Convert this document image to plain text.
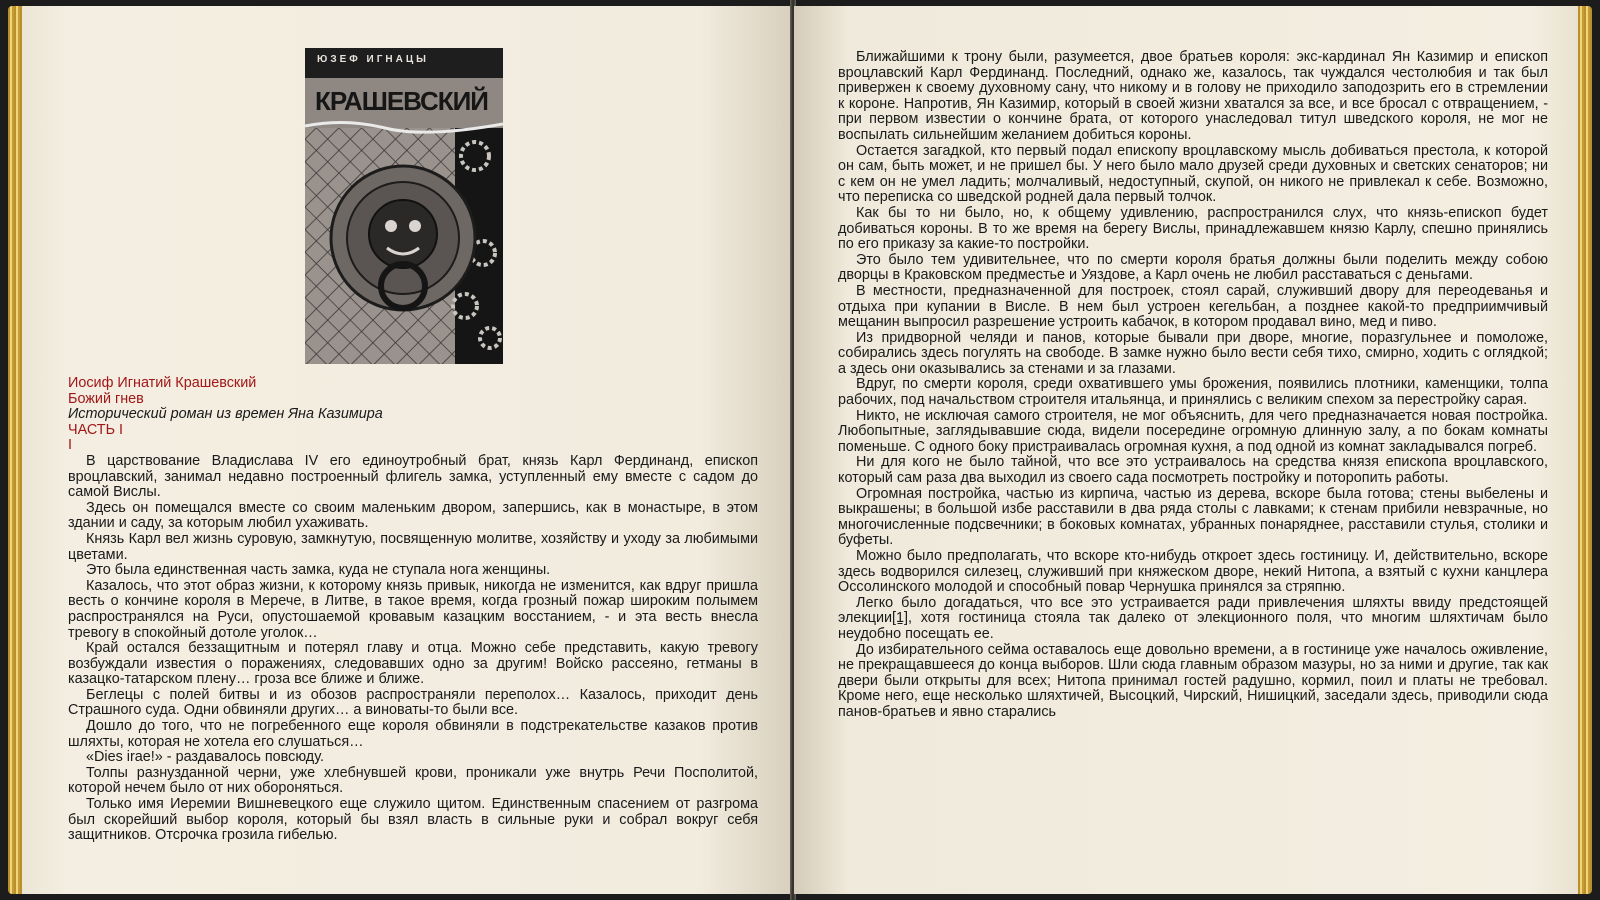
ЮЗЕФ ИГНАЦЫ
КРАШЕВСКИЙ
Иосиф Игнатий Крашевский
Божий гнев
Исторический роман из времен Яна Казимира
ЧАСТЬ I
I

В царствование Владислава IV его единоутробный брат, князь Карл Фердинанд, епископ вроцлавский, занимал недавно построенный флигель замка, уступленный ему вместе с садом до самой Вислы.

Здесь он помещался вместе со своим маленьким двором, запершись, как в монастыре, в этом здании и саду, за которым любил ухаживать.

Князь Карл вел жизнь суровую, замкнутую, посвященную молитве, хозяйству и уходу за любимыми цветами.

Это была единственная часть замка, куда не ступала нога женщины.

Казалось, что этот образ жизни, к которому князь привык, никогда не изменится, как вдруг пришла весть о кончине короля в Мерече, в Литве, в такое время, когда грозный пожар широким полымем распространялся на Руси, опустошаемой кровавым казацким восстанием, - и эта весть внесла тревогу в спокойный дотоле уголок…

Край остался беззащитным и потерял главу и отца. Можно себе представить, какую тревогу возбуждали известия о поражениях, следовавших одно за другим! Войско рассеяно, гетманы в казацко-татарском плену… гроза все ближе и ближе.

Беглецы с полей битвы и из обозов распространяли переполох… Казалось, приходит день Страшного суда. Одни обвиняли других… а виноваты-то были все.

Дошло до того, что не погребенного еще короля обвиняли в подстрекательстве казаков против шляхты, которая не хотела его слушаться…

«Dies irae!» - раздавалось повсюду.

Толпы разнузданной черни, уже хлебнувшей крови, проникали уже внутрь Речи Посполитой, которой нечем было от них обороняться.

Только имя Иеремии Вишневецкого еще служило щитом. Единственным спасением от разгрома был скорейший выбор короля, который бы взял власть в сильные руки и собрал вокруг себя защитников. Отсрочка грозила гибелью.

Ближайшими к трону были, разумеется, двое братьев короля: экс-кардинал Ян Казимир и епископ вроцлавский Карл Фердинанд. Последний, однако же, казалось, так чуждался честолюбия и так был привержен к своему духовному сану, что никому и в голову не приходило заподозрить его в стремлении к короне. Напротив, Ян Казимир, который в своей жизни хватался за все, и все бросал с отвращением, - при первом известии о кончине брата, от которого унаследовал титул шведского короля, не мог не воспылать сильнейшим желанием добиться короны.

Остается загадкой, кто первый подал епископу вроцлавскому мысль добиваться престола, к которой он сам, быть может, и не пришел бы. У него было мало друзей среди духовных и светских сенаторов; ни с кем он не умел ладить; молчаливый, недоступный, скупой, он никого не привлекал к себе. Возможно, что переписка со шведской родней дала первый толчок.

Как бы то ни было, но, к общему удивлению, распространился слух, что князь-епископ будет добиваться короны. В то же время на берегу Вислы, принадлежавшем князю Карлу, спешно принялись по его приказу за какие-то постройки.

Это было тем удивительнее, что по смерти короля братья должны были поделить между собою дворцы в Краковском предместье и Уяздове, а Карл очень не любил расставаться с деньгами.

В местности, предназначенной для построек, стоял сарай, служивший двору для переодеванья и отдыха при купании в Висле. В нем был устроен кегельбан, а позднее какой-то предприимчивый мещанин выпросил разрешение устроить кабачок, в котором продавал вино, мед и пиво.

Из придворной челяди и панов, которые бывали при дворе, многие, поразгульнее и помоложе, собирались здесь погулять на свободе. В замке нужно было вести себя тихо, смирно, ходить с оглядкой; а здесь они оказывались за стенами и за глазами.

Вдруг, по смерти короля, среди охватившего умы брожения, появились плотники, каменщики, толпа рабочих, под начальством строителя итальянца, и принялись с великим спехом за перестройку сарая.

Никто, не исключая самого строителя, не мог объяснить, для чего предназначается новая постройка. Любопытные, заглядывавшие сюда, видели посередине огромную длинную залу, а по бокам комнаты поменьше. С одного боку пристраивалась огромная кухня, а под одной из комнат закладывался погреб.

Ни для кого не было тайной, что все это устраивалось на средства князя епископа вроцлавского, который сам раза два выходил из своего сада посмотреть постройку и поторопить работы.

Огромная постройка, частью из кирпича, частью из дерева, вскоре была готова; стены выбелены и выкрашены; в большой избе расставили в два ряда столы с лавками; к стенам прибили невзрачные, но многочисленные подсвечники; в боковых комнатах, убранных понаряднее, расставили стулья, столики и буфеты.

Можно было предполагать, что вскоре кто-нибудь откроет здесь гостиницу. И, действительно, вскоре здесь водворился силезец, служивший при княжеском дворе, некий Нитопа, а взятый с кухни канцлера Оссолинского молодой и способный повар Чернушка принялся за стряпню.

Легко было догадаться, что все это устраивается ради привлечения шляхты ввиду предстоящей элекции[1], хотя гостиница стояла так далеко от элекционного поля, что многим шляхтичам было неудобно посещать ее.

До избирательного сейма оставалось еще довольно времени, а в гостинице уже началось оживление, не прекращавшееся до конца выборов. Шли сюда главным образом мазуры, но за ними и другие, так как двери были открыты для всех; Нитопа принимал гостей радушно, кормил, поил и платы не требовал. Кроме него, еще несколько шляхтичей, Высоцкий, Чирский, Нишицкий, заседали здесь, приводили сюда панов-братьев и явно старались
